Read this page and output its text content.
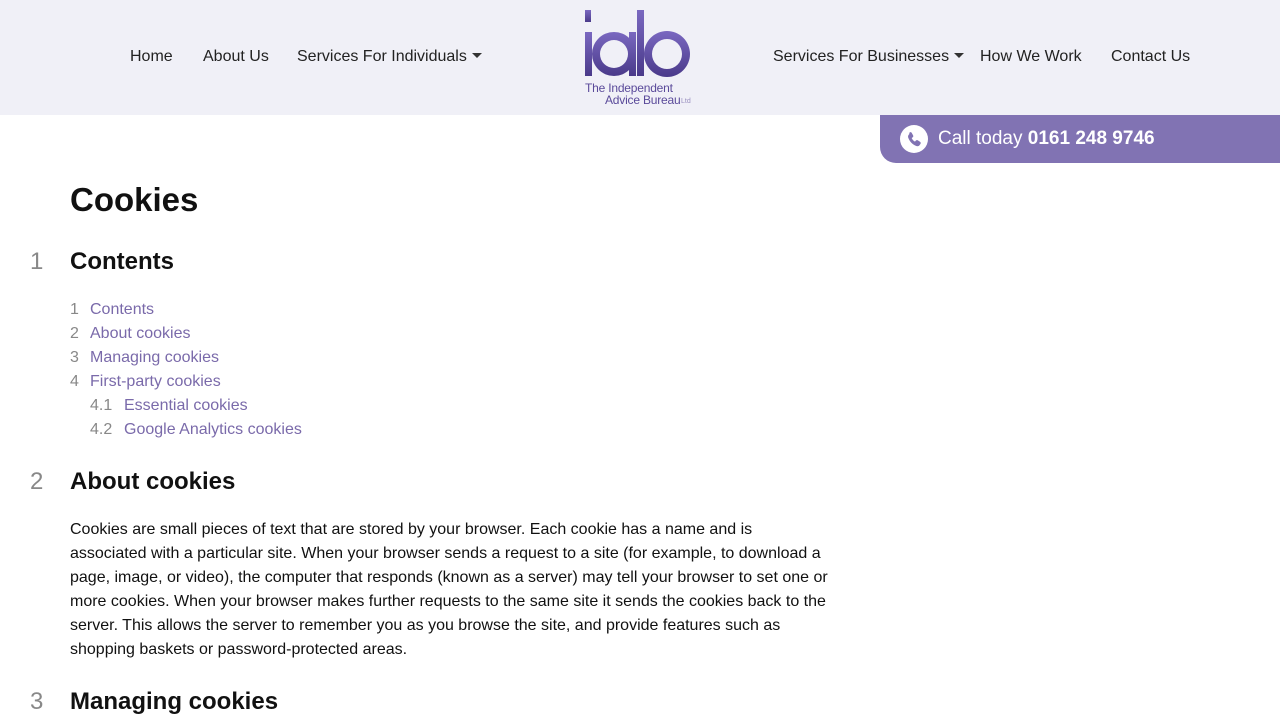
Home About Us Services For Individuals
The Independent
Advice Bureau Ltd
Services For Businesses	How We Work Contact Us
Call today 0161 248 9746
Cookies
1 Contents
1 Contents
2 About cookies
3 Managing cookies
4 First-party cookies
4.1 Essential cookies
4.2 Google Analytics cookies
2 About cookies

Cookies are small pieces of text that are stored by your browser. Each cookie has a name and is associated with a particular site. When your browser sends a request to a site (for example, to download a page, image, or video), the computer that responds (known as a server) may tell your browser to set one or more cookies. When your browser makes further requests to the same site it sends the cookies back to the server. This allows the server to remember you as you browse the site, and provide features such as shopping baskets or password-protected areas.

3 Managing cookies
